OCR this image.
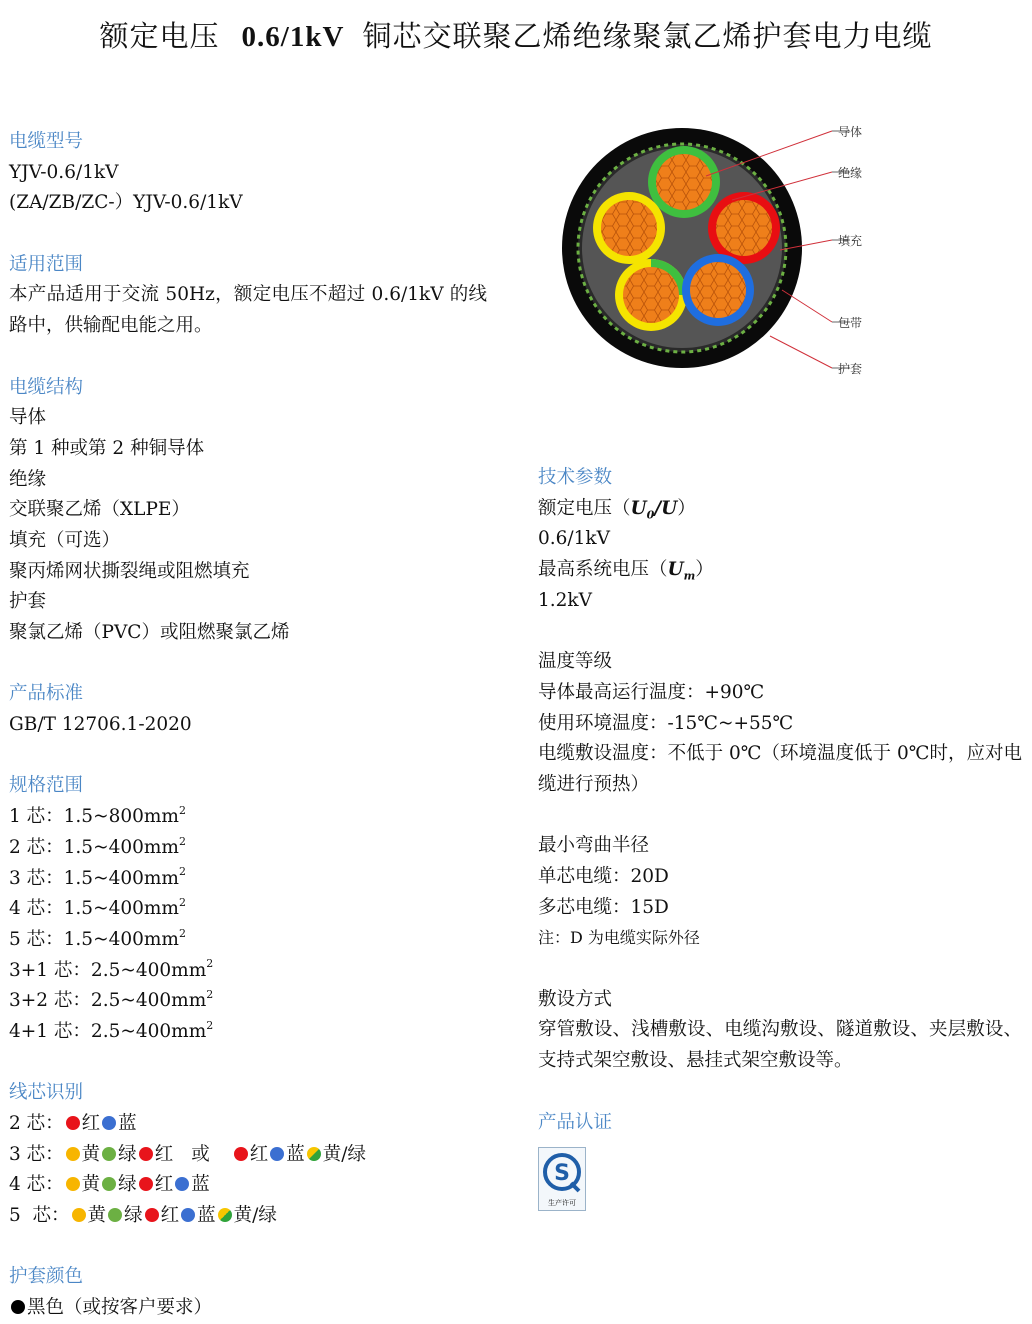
额定电压 0.6/1kV 铜芯交联聚乙烯绝缘聚氯乙烯护套电力电缆
导体
绝缘
填充
包带
护套
电缆型号
YJV-0.6/1kV
(ZA/ZB/ZC-）YJV-0.6/1kV
适用范围
本产品适用于交流 50Hz，额定电压不超过 0.6/1kV 的线路中，供输配电能之用。
电缆结构
导体
第 1 种或第 2 种铜导体
绝缘
交联聚乙烯（XLPE）
填充（可选）
聚丙烯网状撕裂绳或阻燃填充
护套
聚氯乙烯（PVC）或阻燃聚氯乙烯
产品标准
GB/T 12706.1-2020
规格范围
1 芯：$1.5\sim 800mm^2$
2 芯：$1.5\sim 400mm^2$
3 芯：$1.5\sim 400mm^2$
4 芯：$1.5\sim 400mm^2$
5 芯：$1.5\sim 400mm^2$
3+1 芯：$2.5\sim 400mm^2$
3+2 芯：$2.5\sim 400mm^2$
4+1 芯：$2.5\sim 400mm^2$
线芯识别
2 芯： 红 蓝
3 芯： 黄 绿 红 或 红 蓝 黄/绿
4 芯： 黄 绿 红 蓝
5  芯： 黄 绿 红 蓝 黄/绿
护套颜色
黑色（或按客户要求）
技术参数
额定电压$(U_0/U)$
0.6/1kV
最高系统电压$(U_m)$
1.2kV
温度等级
导体最高运行温度：+90℃
使用环境温度：-15℃~+55℃
电缆敷设温度：不低于 0℃（环境温度低于 0℃时，应对电缆进行预热）
最小弯曲半径
单芯电缆：20D
多芯电缆：15D
注：D 为电缆实际外径
敷设方式
穿管敷设、浅槽敷设、电缆沟敷设、隧道敷设、夹层敷设、支持式架空敷设、悬挂式架空敷设等。
产品认证
S
生产许可
